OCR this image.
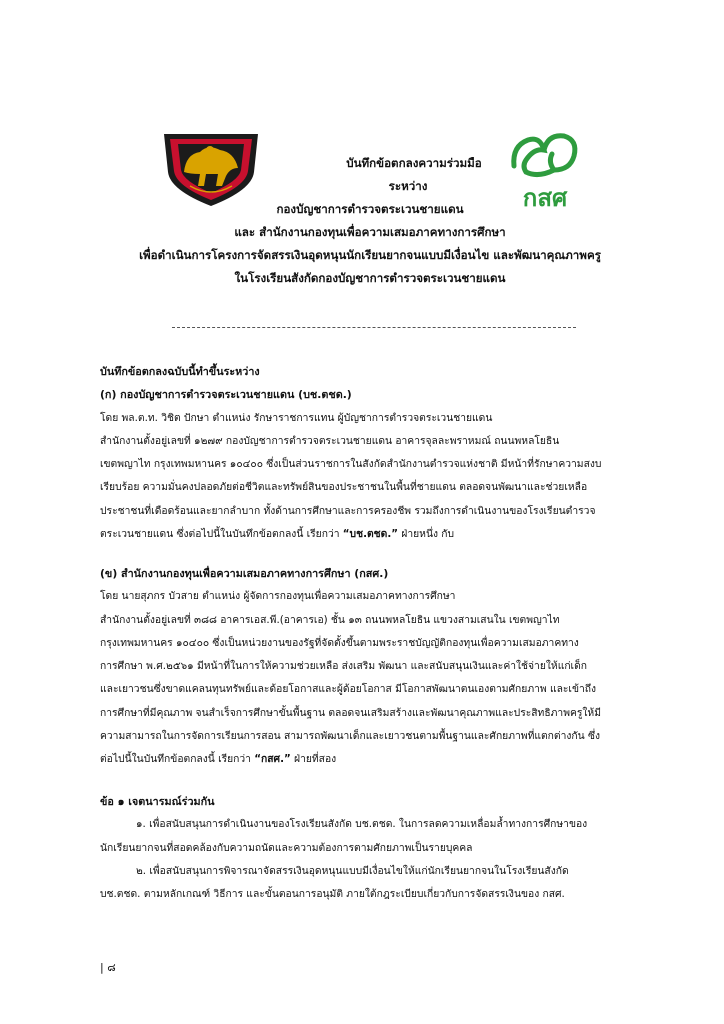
กสศ
บันทึกข้อตกลงความร่วมมือ
ระหว่าง
กองบัญชาการตำรวจตระเวนชายแดน
และ สำนักงานกองทุนเพื่อความเสมอภาคทางการศึกษา
เพื่อดำเนินการโครงการจัดสรรเงินอุดหนุนนักเรียนยากจนแบบมีเงื่อนไข และพัฒนาคุณภาพครู
ในโรงเรียนสังกัดกองบัญชาการตำรวจตระเวนชายแดน
บันทึกข้อตกลงฉบับนี้ทำขึ้นระหว่าง
(ก) กองบัญชาการตำรวจตระเวนชายแดน (บช.ตชด.)
โดย พล.ต.ท. วิชิต ปักษา ตำแหน่ง รักษาราชการแทน ผู้บัญชาการตำรวจตระเวนชายแดน
สำนักงานตั้งอยู่เลขที่ ๑๒๗๙ กองบัญชาการตำรวจตระเวนชายแดน อาคารจุลละพราหมณ์ ถนนพหลโยธิน
เขตพญาไท กรุงเทพมหานคร ๑๐๔๐๐ ซึ่งเป็นส่วนราชการในสังกัดสำนักงานตำรวจแห่งชาติ มีหน้าที่รักษาความสงบ
เรียบร้อย ความมั่นคงปลอดภัยต่อชีวิตและทรัพย์สินของประชาชนในพื้นที่ชายแดน ตลอดจนพัฒนาและช่วยเหลือ
ประชาชนที่เดือดร้อนและยากลำบาก ทั้งด้านการศึกษาและการครองชีพ รวมถึงการดำเนินงานของโรงเรียนตำรวจ
ตระเวนชายแดน ซึ่งต่อไปนี้ในบันทึกข้อตกลงนี้ เรียกว่า “บช.ตชด.” ฝ่ายหนึ่ง กับ
(ข) สำนักงานกองทุนเพื่อความเสมอภาคทางการศึกษา (กสศ.)
โดย นายสุภกร บัวสาย ตำแหน่ง ผู้จัดการกองทุนเพื่อความเสมอภาคทางการศึกษา
สำนักงานตั้งอยู่เลขที่ ๓๘๘ อาคารเอส.พี.(อาคารเอ) ชั้น ๑๓ ถนนพหลโยธิน แขวงสามเสนใน เขตพญาไท
กรุงเทพมหานคร ๑๐๔๐๐ ซึ่งเป็นหน่วยงานของรัฐที่จัดตั้งขึ้นตามพระราชบัญญัติกองทุนเพื่อความเสมอภาคทาง
การศึกษา พ.ศ.๒๕๖๑ มีหน้าที่ในการให้ความช่วยเหลือ ส่งเสริม พัฒนา และสนับสนุนเงินและค่าใช้จ่ายให้แก่เด็ก
และเยาวชนซึ่งขาดแคลนทุนทรัพย์และด้อยโอกาสและผู้ด้อยโอกาส มีโอกาสพัฒนาตนเองตามศักยภาพ และเข้าถึง
การศึกษาที่มีคุณภาพ จนสำเร็จการศึกษาขั้นพื้นฐาน ตลอดจนเสริมสร้างและพัฒนาคุณภาพและประสิทธิภาพครูให้มี
ความสามารถในการจัดการเรียนการสอน สามารถพัฒนาเด็กและเยาวชนตามพื้นฐานและศักยภาพที่แตกต่างกัน ซึ่ง
ต่อไปนี้ในบันทึกข้อตกลงนี้ เรียกว่า “กสศ.” ฝ่ายที่สอง
ข้อ ๑ เจตนารมณ์ร่วมกัน
๑. เพื่อสนับสนุนการดำเนินงานของโรงเรียนสังกัด บช.ตชด. ในการลดความเหลื่อมล้ำทางการศึกษาของ
นักเรียนยากจนที่สอดคล้องกับความถนัดและความต้องการตามศักยภาพเป็นรายบุคคล
๒. เพื่อสนับสนุนการพิจารณาจัดสรรเงินอุดหนุนแบบมีเงื่อนไขให้แก่นักเรียนยากจนในโรงเรียนสังกัด
บช.ตชด. ตามหลักเกณฑ์ วิธีการ และขั้นตอนการอนุมัติ ภายใต้กฎระเบียบเกี่ยวกับการจัดสรรเงินของ กสศ.
| ๘
